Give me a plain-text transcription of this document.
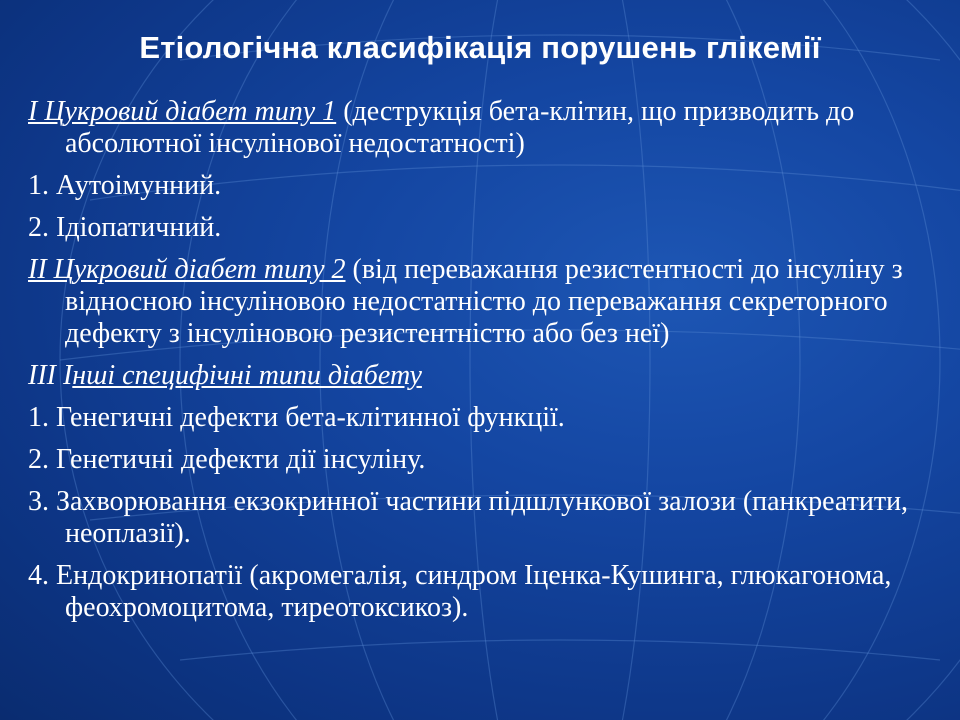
Етіологічна класифікація порушень глікемії

I Цукровий діабет типу 1 (деструкція бета-клітин, що призводить до абсолютної інсулінової недостатності)

1. Аутоімунний.

2. Ідіопатичний.

II Цукровий діабет типу 2 (від переважання резистентності до інсуліну з відносною інсуліновою недостатністю до переважання секреторного дефекту з інсуліновою резистентністю або без неї)

III Інші специфічні типи діабету

1. Генегичні дефекти бета-клітинної функції.

2. Генетичні дефекти дії інсуліну.

3. Захворювання екзокринної частини підшлункової залози (панкреатити, неоплазії).

4. Ендокринопатії (акромегалія, синдром Іценка-Кушинга, глюкагонома, феохромоцитома, тиреотоксикоз).
